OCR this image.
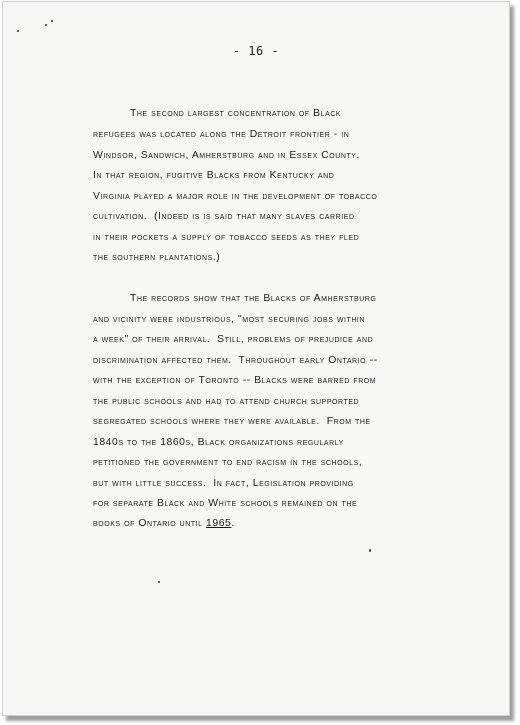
- 16 -
The second largest concentration of Black
refugees was located along the Detroit frontier - in
Windsor, Sandwich, Amherstburg and in Essex County.
In that region, fugitive Blacks from Kentucky and
Virginia played a major role in the development of tobacco
cultivation.  (Indeed is is said that many slaves carried
in their pockets a supply of tobacco seeds as they fled
the southern plantations.)
The records show that the Blacks of Amherstburg
and vicinity were industrious, "most securing jobs within
a week" of their arrival.  Still, problems of prejudice and
discrimination affected them.  Throughout early Ontario --
with the exception of Toronto -- Blacks were barred from
the public schools and had to attend church supported
segregated schools where they were available.  From the
1840s to the 1860s, Black organizations regularly
petitioned the government to end racism in the schools,
but with little success.  In fact, Legislation providing
for separate Black and White schools remained on the
books of Ontario until 1965.
